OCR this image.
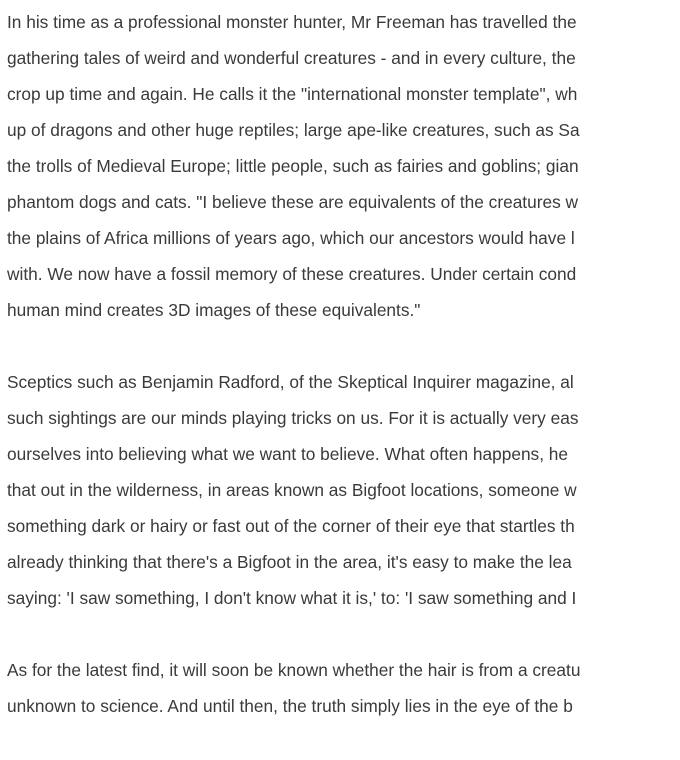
In his time as a professional monster hunter, Mr Freeman has travelled the
gathering tales of weird and wonderful creatures - and in every culture, the
crop up time and again. He calls it the "international monster template", wh
up of dragons and other huge reptiles; large ape-like creatures, such as Sa
the trolls of Medieval Europe; little people, such as fairies and goblins; gian
phantom dogs and cats. "I believe these are equivalents of the creatures w
the plains of Africa millions of years ago, which our ancestors would have l
with. We now have a fossil memory of these creatures. Under certain cond
human mind creates 3D images of these equivalents."

Sceptics such as Benjamin Radford, of the Skeptical Inquirer magazine, al
such sightings are our minds playing tricks on us. For it is actually very eas
ourselves into believing what we want to believe. What often happens, he
that out in the wilderness, in areas known as Bigfoot locations, someone w
something dark or hairy or fast out of the corner of their eye that startles th
already thinking that there's a Bigfoot in the area, it's easy to make the lea
saying: 'I saw something, I don't know what it is,' to: 'I saw something and I

As for the latest find, it will soon be known whether the hair is from a creatu
unknown to science. And until then, the truth simply lies in the eye of the b
